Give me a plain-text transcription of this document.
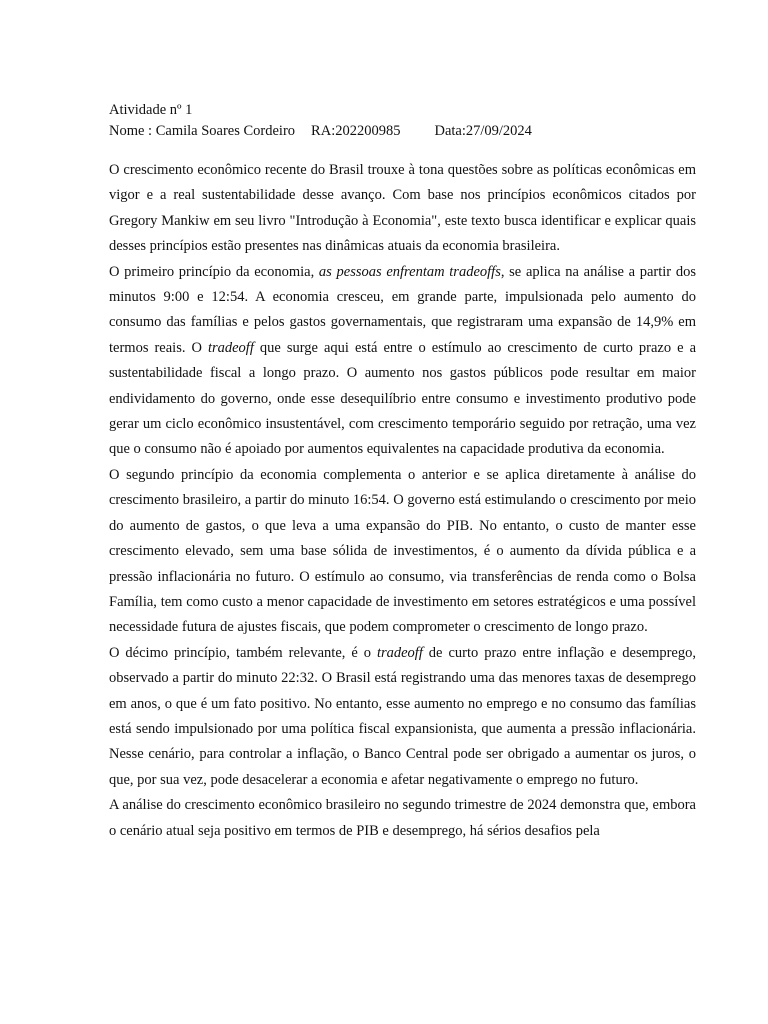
Atividade nº 1
Nome : Camila Soares Cordeiro RA:202200985 Data:27/09/2024

O crescimento econômico recente do Brasil trouxe à tona questões sobre as políticas econômicas em vigor e a real sustentabilidade desse avanço. Com base nos princípios econômicos citados por Gregory Mankiw em seu livro "Introdução à Economia", este texto busca identificar e explicar quais desses princípios estão presentes nas dinâmicas atuais da economia brasileira.

O primeiro princípio da economia, as pessoas enfrentam tradeoffs, se aplica na análise a partir dos minutos 9:00 e 12:54. A economia cresceu, em grande parte, impulsionada pelo aumento do consumo das famílias e pelos gastos governamentais, que registraram uma expansão de 14,9% em termos reais. O tradeoff que surge aqui está entre o estímulo ao crescimento de curto prazo e a sustentabilidade fiscal a longo prazo. O aumento nos gastos públicos pode resultar em maior endividamento do governo, onde esse desequilíbrio entre consumo e investimento produtivo pode gerar um ciclo econômico insustentável, com crescimento temporário seguido por retração, uma vez que o consumo não é apoiado por aumentos equivalentes na capacidade produtiva da economia.

O segundo princípio da economia complementa o anterior e se aplica diretamente à análise do crescimento brasileiro, a partir do minuto 16:54. O governo está estimulando o crescimento por meio do aumento de gastos, o que leva a uma expansão do PIB. No entanto, o custo de manter esse crescimento elevado, sem uma base sólida de investimentos, é o aumento da dívida pública e a pressão inflacionária no futuro. O estímulo ao consumo, via transferências de renda como o Bolsa Família, tem como custo a menor capacidade de investimento em setores estratégicos e uma possível necessidade futura de ajustes fiscais, que podem comprometer o crescimento de longo prazo.

O décimo princípio, também relevante, é o tradeoff de curto prazo entre inflação e desemprego, observado a partir do minuto 22:32. O Brasil está registrando uma das menores taxas de desemprego em anos, o que é um fato positivo. No entanto, esse aumento no emprego e no consumo das famílias está sendo impulsionado por uma política fiscal expansionista, que aumenta a pressão inflacionária. Nesse cenário, para controlar a inflação, o Banco Central pode ser obrigado a aumentar os juros, o que, por sua vez, pode desacelerar a economia e afetar negativamente o emprego no futuro.

A análise do crescimento econômico brasileiro no segundo trimestre de 2024 demonstra que, embora o cenário atual seja positivo em termos de PIB e desemprego, há sérios desafios pela
